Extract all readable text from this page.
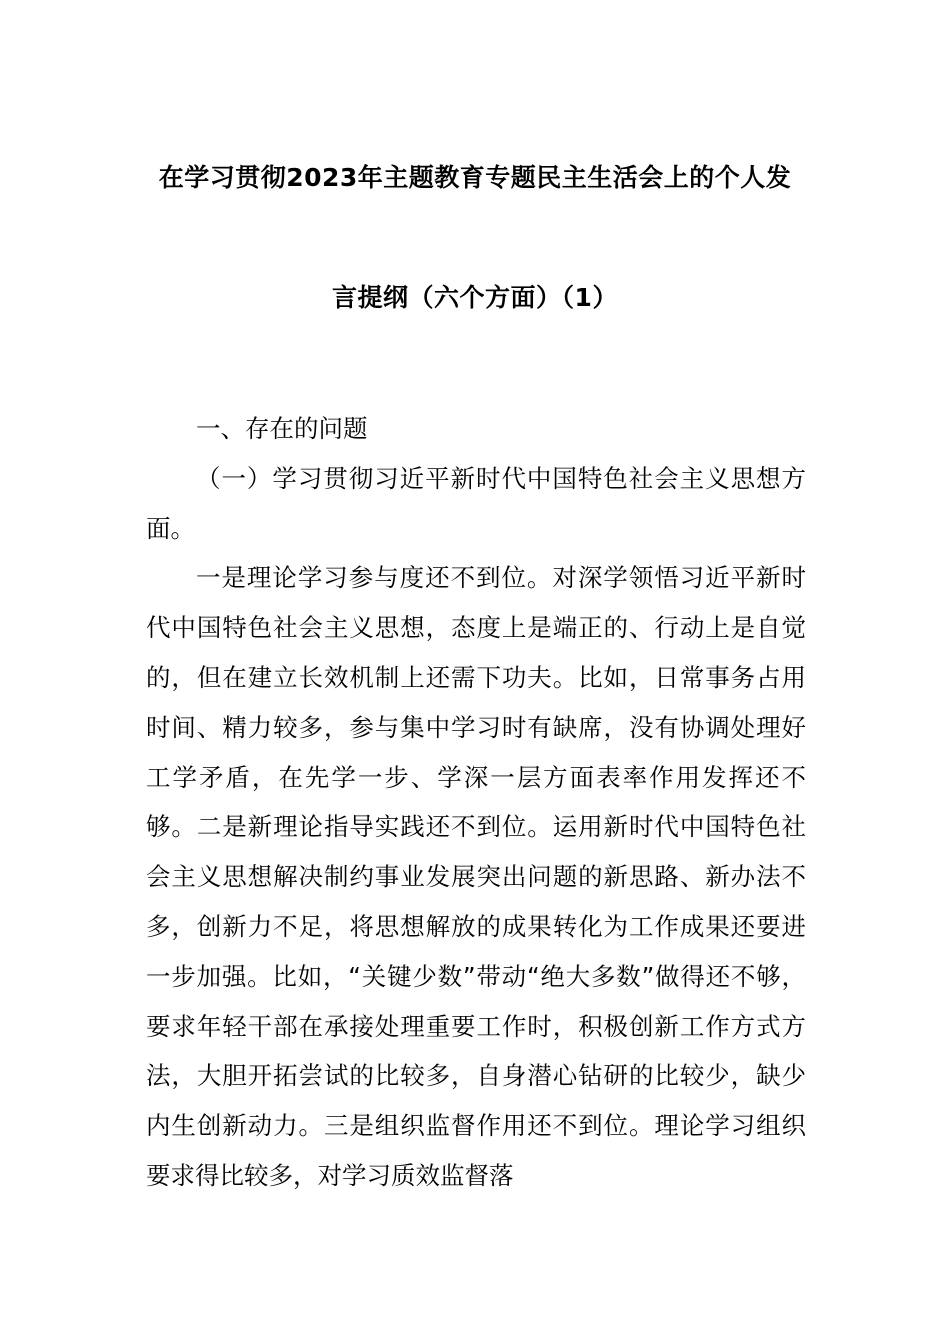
在学习贯彻2023年主题教育专题民主生活会上的个人发
言提纲（六个方面）（1）

一、存在的问题

（一）学习贯彻习近平新时代中国特色社会主义思想方面。

一是理论学习参与度还不到位。对深学领悟习近平新时代中国特色社会主义思想，态度上是端正的、行动上是自觉的，但在建立长效机制上还需下功夫。比如，日常事务占用时间、精力较多，参与集中学习时有缺席，没有协调处理好工学矛盾，在先学一步、学深一层方面表率作用发挥还不够。二是新理论指导实践还不到位。运用新时代中国特色社会主义思想解决制约事业发展突出问题的新思路、新办法不多，创新力不足，将思想解放的成果转化为工作成果还要进一步加强。比如，“关键少数”带动“绝大多数”做得还不够，要求年轻干部在承接处理重要工作时，积极创新工作方式方法，大胆开拓尝试的比较多，自身潜心钻研的比较少，缺少内生创新动力。三是组织监督作用还不到位。理论学习组织要求得比较多，对学习质效监督落
